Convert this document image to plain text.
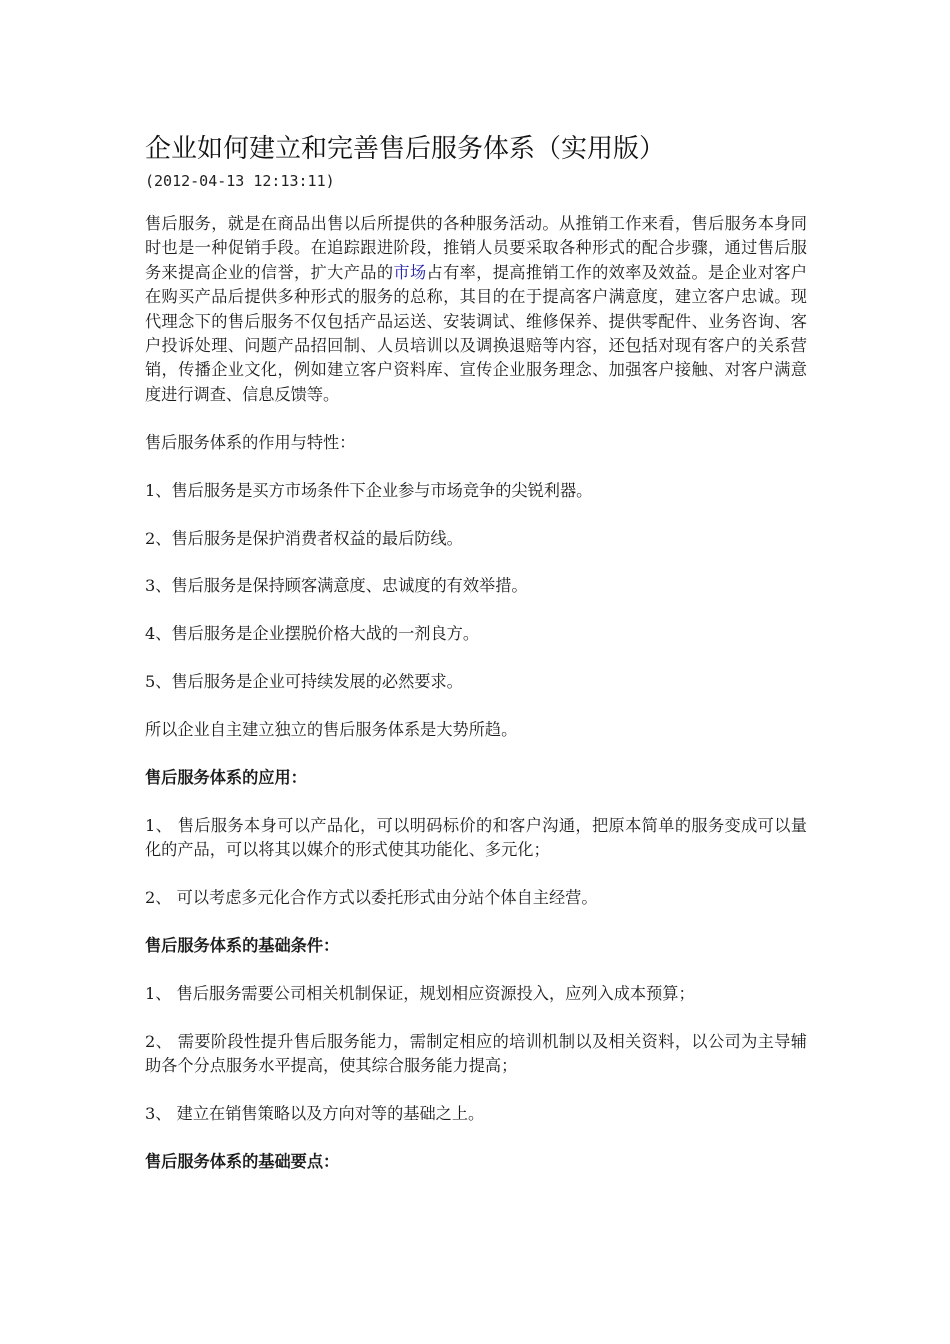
企业如何建立和完善售后服务体系（实用版）
(2012-04-13 12:13:11)

售后服务，就是在商品出售以后所提供的各种服务活动。从推销工作来看，售后服务本身同时也是一种促销手段。在追踪跟进阶段，推销人员要采取各种形式的配合步骤，通过售后服务来提高企业的信誉，扩大产品的市场占有率，提高推销工作的效率及效益。是企业对客户在购买产品后提供多种形式的服务的总称，其目的在于提高客户满意度，建立客户忠诚。现代理念下的售后服务不仅包括产品运送、安装调试、维修保养、提供零配件、业务咨询、客户投诉处理、问题产品招回制、人员培训以及调换退赔等内容，还包括对现有客户的关系营销，传播企业文化，例如建立客户资料库、宣传企业服务理念、加强客户接触、对客户满意度进行调查、信息反馈等。

售后服务体系的作用与特性：

1、售后服务是买方市场条件下企业参与市场竞争的尖锐利器。

2、售后服务是保护消费者权益的最后防线。

3、售后服务是保持顾客满意度、忠诚度的有效举措。

4、售后服务是企业摆脱价格大战的一剂良方。

5、售后服务是企业可持续发展的必然要求。

所以企业自主建立独立的售后服务体系是大势所趋。

售后服务体系的应用：

1、 售后服务本身可以产品化，可以明码标价的和客户沟通，把原本简单的服务变成可以量化的产品，可以将其以媒介的形式使其功能化、多元化；

2、 可以考虑多元化合作方式以委托形式由分站个体自主经营。

售后服务体系的基础条件：

1、 售后服务需要公司相关机制保证，规划相应资源投入，应列入成本预算；

2、 需要阶段性提升售后服务能力，需制定相应的培训机制以及相关资料，以公司为主导辅助各个分点服务水平提高，使其综合服务能力提高；

3、 建立在销售策略以及方向对等的基础之上。

售后服务体系的基础要点：
